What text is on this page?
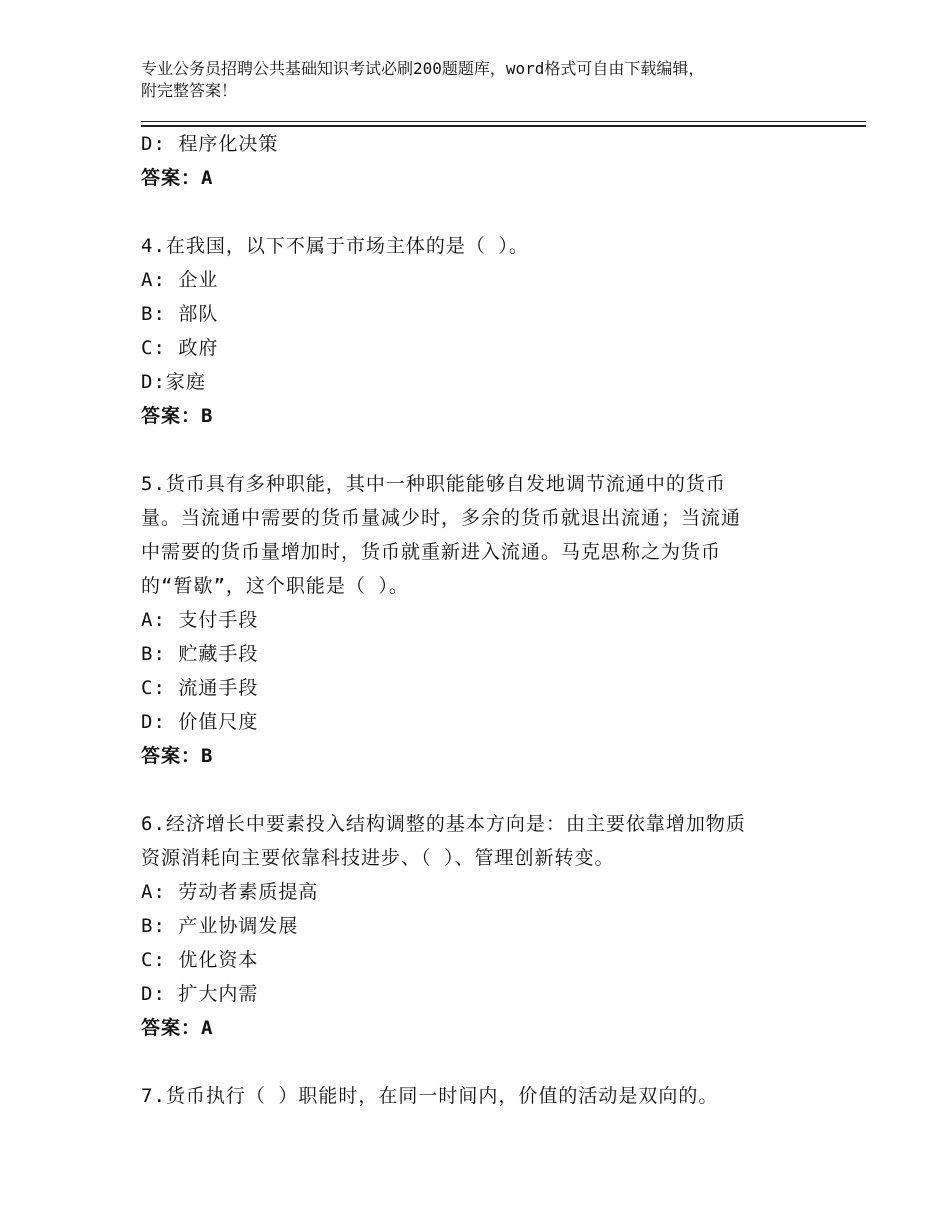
专业公务员招聘公共基础知识考试必刷200题题库，word格式可自由下载编辑，
附完整答案！
D: 程序化决策
答案：A
4.在我国，以下不属于市场主体的是（ ）。
A: 企业
B: 部队
C: 政府
D:家庭
答案：B
5.货币具有多种职能，其中一种职能能够自发地调节流通中的货币
量。当流通中需要的货币量减少时，多余的货币就退出流通；当流通
中需要的货币量增加时，货币就重新进入流通。马克思称之为货币
的“暂歇”，这个职能是（ ）。
A: 支付手段
B: 贮藏手段
C: 流通手段
D: 价值尺度
答案：B
6.经济增长中要素投入结构调整的基本方向是：由主要依靠增加物质
资源消耗向主要依靠科技进步、（ ）、管理创新转变。
A: 劳动者素质提高
B: 产业协调发展
C: 优化资本
D: 扩大内需
答案：A
7.货币执行（ ）职能时，在同一时间内，价值的活动是双向的。
